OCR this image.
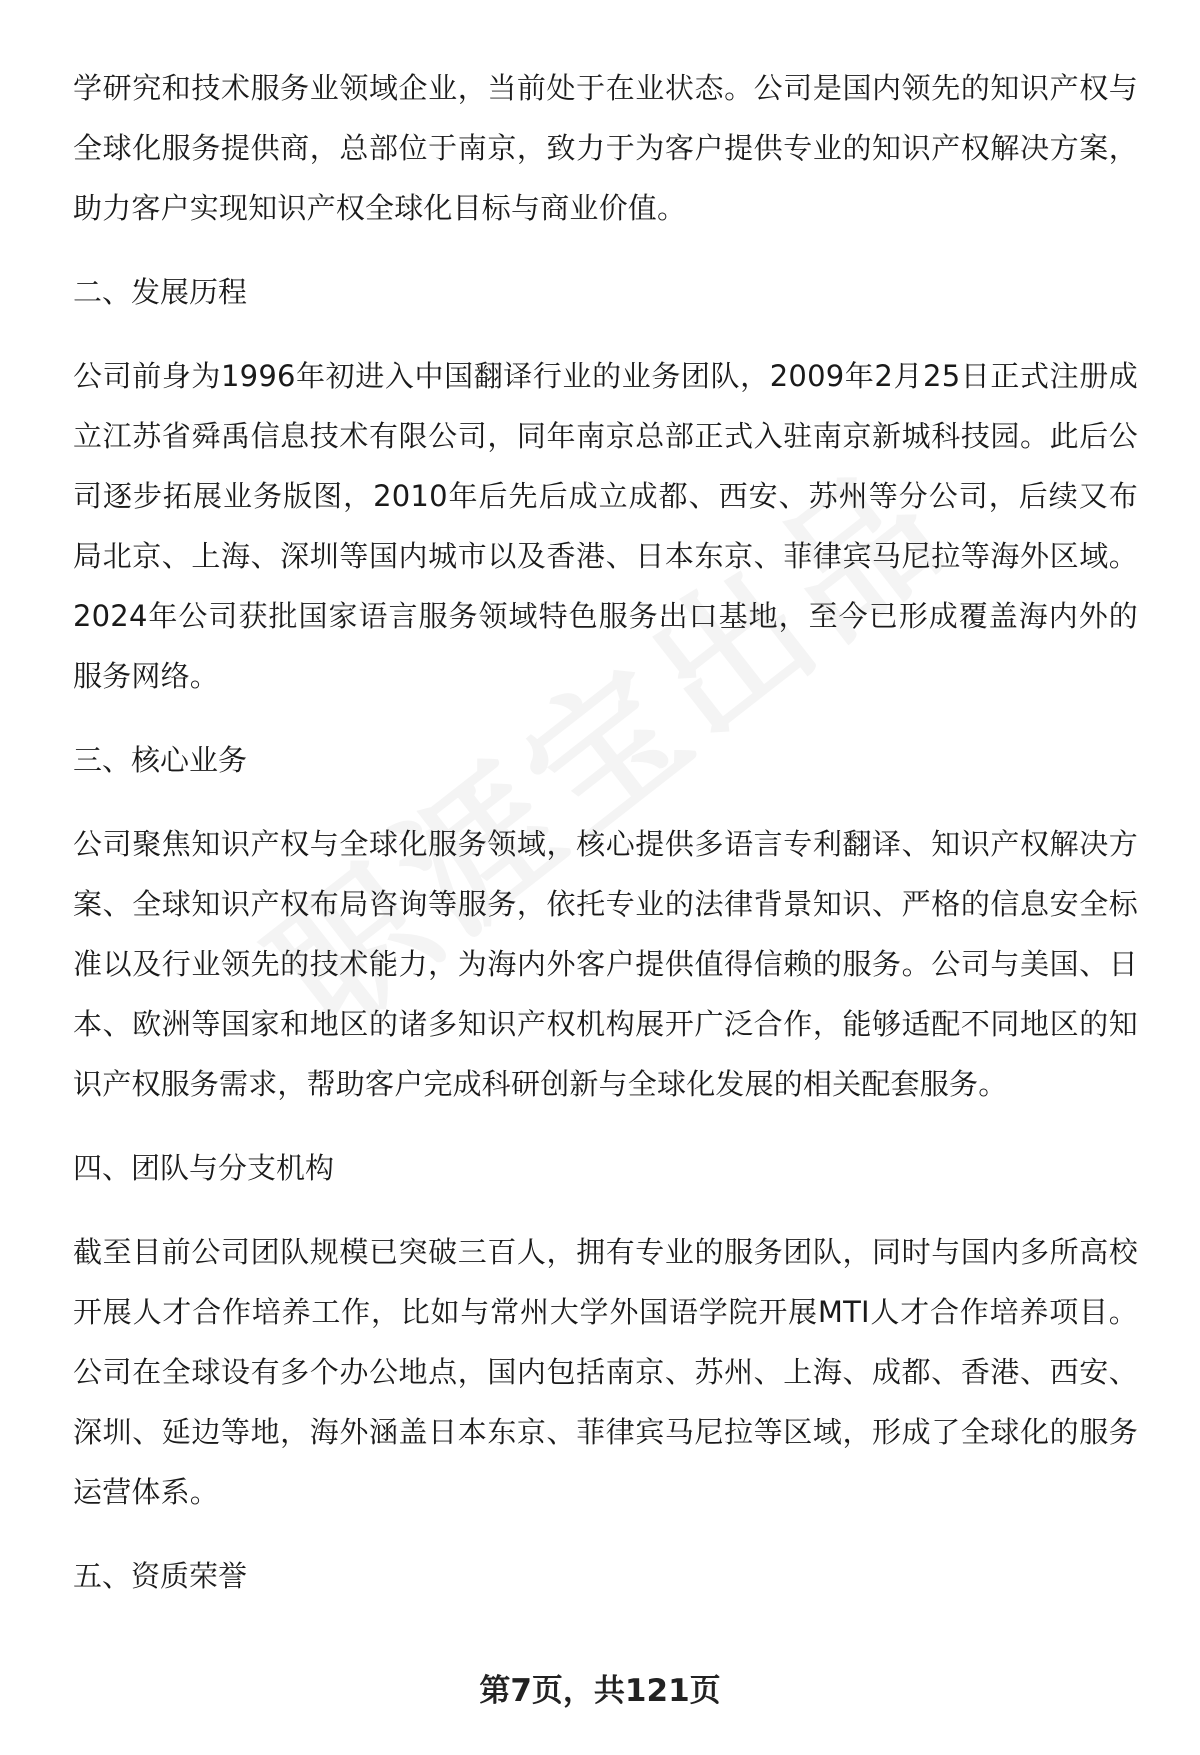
学研究和技术服务业领域企业，当前处于在业状态。公司是国内领先的知识产权与全球化服务提供商，总部位于南京，致力于为客户提供专业的知识产权解决方案，助力客户实现知识产权全球化目标与商业价值。

二、发展历程

公司前身为1996年初进入中国翻译行业的业务团队，2009年2月25日正式注册成立江苏省舜禹信息技术有限公司，同年南京总部正式入驻南京新城科技园。此后公司逐步拓展业务版图，2010年后先后成立成都、西安、苏州等分公司，后续又布局北京、上海、深圳等国内城市以及香港、日本东京、菲律宾马尼拉等海外区域。2024年公司获批国家语言服务领域特色服务出口基地，至今已形成覆盖海内外的服务网络。

三、核心业务

公司聚焦知识产权与全球化服务领域，核心提供多语言专利翻译、知识产权解决方案、全球知识产权布局咨询等服务，依托专业的法律背景知识、严格的信息安全标准以及行业领先的技术能力，为海内外客户提供值得信赖的服务。公司与美国、日本、欧洲等国家和地区的诸多知识产权机构展开广泛合作，能够适配不同地区的知识产权服务需求，帮助客户完成科研创新与全球化发展的相关配套服务。

四、团队与分支机构

截至目前公司团队规模已突破三百人，拥有专业的服务团队，同时与国内多所高校开展人才合作培养工作，比如与常州大学外国语学院开展MTI人才合作培养项目。公司在全球设有多个办公地点，国内包括南京、苏州、上海、成都、香港、西安、深圳、延边等地，海外涵盖日本东京、菲律宾马尼拉等区域，形成了全球化的服务运营体系。

五、资质荣誉
第7页，共121页
